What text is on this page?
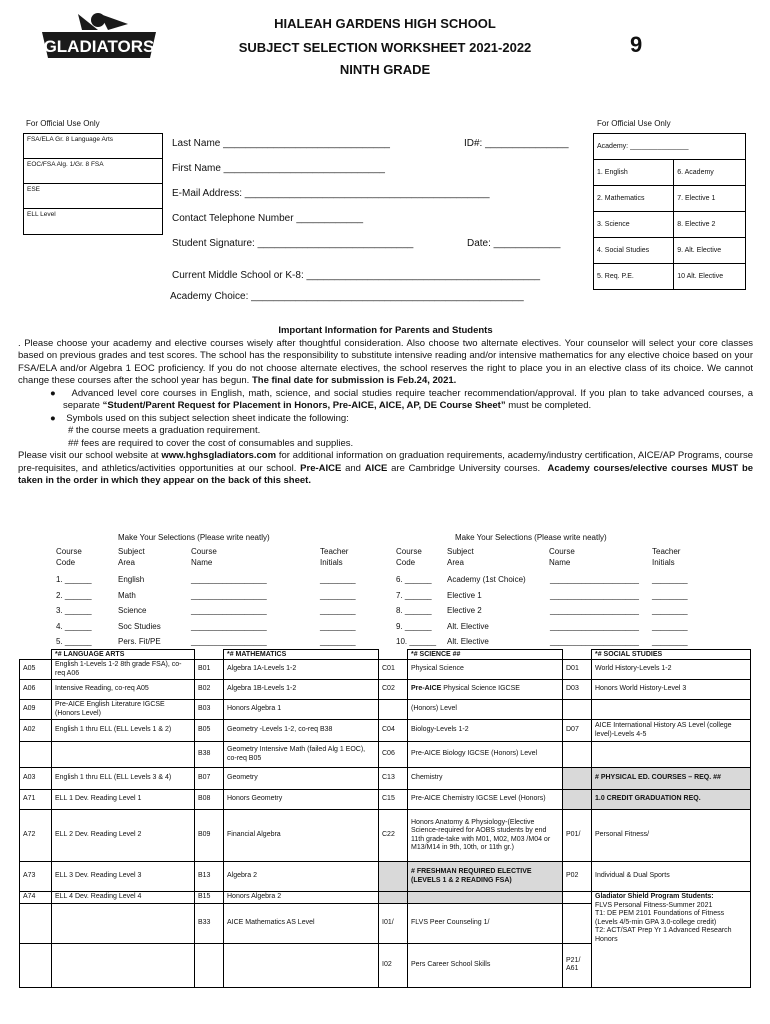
GLADIATORS
HIALEAH GARDENS HIGH SCHOOL
SUBJECT SELECTION WORKSHEET 2021-2022
NINTH GRADE
9
For Official Use Only	For Official Use Only
FSA/ELA Gr. 8 Language Arts
EOC/FSA Alg. 1/Gr. 8 FSA
ESE
ELL Level
Last Name ______________________________	ID#: _______________
First Name _____________________________
E-Mail Address: ____________________________________________
Contact Telephone Number ____________
Student Signature: ____________________________	Date: ____________
Current Middle School or K-8: __________________________________________
Academy Choice: _________________________________________________
Academy: _______________	
1. English	6. Academy
2. Mathematics	7. Elective 1
3. Science	8. Elective 2
4. Social Studies	9. Alt. Elective
5. Req. P.E.	10 Alt. Elective
Important Information for Parents and Students
. Please choose your academy and elective courses wisely after thoughtful consideration. Also choose two alternate electives. Your counselor will select your core classes based on previous grades and test scores. The school has the responsibility to substitute intensive reading and/or intensive mathematics for any elective choice based on your FSA/ELA and/or Algebra 1 EOC proficiency. If you do not choose alternate electives, the school reserves the right to place you in an elective class of its choice. We cannot change these courses after the school year has begun. The final date for submission is Feb.24, 2021.
●    Advanced level core courses in English, math, science, and social studies require teacher recommendation/approval. If you plan to take advanced courses, a separate “Student/Parent Request for Placement in Honors, Pre-AICE, AICE, AP, DE Course Sheet” must be completed.
●    Symbols used on this subject selection sheet indicate the following:
# the course meets a graduation requirement.
## fees are required to cover the cost of consumables and supplies.
Please visit our school website at www.hghsgladiators.com for additional information on graduation requirements, academy/industry certification, AICE/AP Programs, course pre-requisites, and athletics/activities opportunities at our school. Pre-AICE and AICE are Cambridge University courses. Academy courses/elective courses MUST be taken in the order in which they appear on the back of this sheet.
Make Your Selections (Please write neatly)	Make Your Selections (Please write neatly)
Course
Code
Subject
Area
Course
Name
Teacher
Initials
Course
Code
Subject
Area
Course
Name
Teacher
Initials
1. ______	English	_________________	________
2. ______	Math	_________________	________
3. ______	Science	_________________	________
4. ______	Soc Studies	_________________	________
5. ______	Pers. Fit/PE	_________________	________
6. ______	Academy (1st Choice)	____________________	________
7. ______	Elective 1	____________________	________
8. ______	Elective 2	____________________	________
9. ______	Alt. Elective	____________________	________
10. ______	Alt. Elective	____________________	________
	*# LANGUAGE ARTS		*# MATHEMATICS		*# SCIENCE ##		*# SOCIAL STUDIES
A05	English 1-Levels 1-2 8th grade FSA), co-req A06	B01	Algebra 1A-Levels 1-2	C01	Physical Science	D01	World History-Levels 1-2
A06	Intensive Reading, co-req A05	B02	Algebra 1B-Levels 1-2	C02	Pre-AICE Physical Science IGCSE	D03	Honors World History-Level 3
A09	Pre-AICE English Literature IGCSE (Honors Level)	B03	Honors Algebra 1		(Honors) Level		
A02	English 1 thru ELL (ELL Levels 1 & 2)	B05	Geometry -Levels 1-2, co-req B38	C04	Biology-Levels 1-2	D07	AICE International History AS Level (college level)-Levels 4-5
		B38	Geometry Intensive Math (failed Alg 1 EOC), co-req B05	C06	Pre-AICE Biology IGCSE (Honors) Level		
A03	English 1 thru ELL (ELL Levels 3 & 4)	B07	Geometry	C13	Chemistry		# PHYSICAL ED. COURSES – REQ. ##
A71	ELL 1 Dev. Reading Level 1	B08	Honors Geometry	C15	Pre-AICE Chemistry IGCSE Level (Honors)		1.0 CREDIT GRADUATION REQ.
A72	ELL 2 Dev. Reading Level 2	B09	Financial Algebra	C22	Honors Anatomy & Physiology-(Elective Science-required for AOBS students by end 11th grade-take with M01, M02, M03 /M04 or M13/M14 in 9th, 10th, or 11th gr.)	P01/	Personal Fitness/
A73	ELL 3 Dev. Reading Level 3	B13	Algebra 2		# FRESHMAN REQUIRED ELECTIVE (LEVELS 1 & 2 READING FSA)	P02	Individual & Dual Sports
A74	ELL 4 Dev. Reading Level 4	B15	Honors Algebra 2				Gladiator Shield Program Students:
FLVS Personal Fitness-Summer 2021
T1: DE PEM 2101 Foundations of Fitness (Levels 4/5-min GPA 3.0-college credit)
T2: ACT/SAT Prep Yr 1 Advanced Research Honors

		B33	AICE Mathematics AS Level	I01/	FLVS Peer Counseling 1/		
				I02	Pers Career School Skills	P21/ A61	
